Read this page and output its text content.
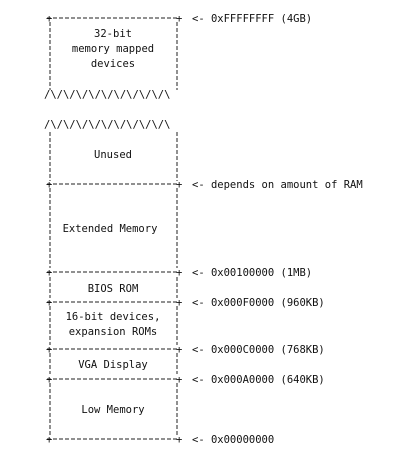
+	+
32-bit
memory mapped
devices
/\/\/\/\/\/\/\/\/\/\
/\/\/\/\/\/\/\/\/\/\
Unused
+	+
Extended Memory
+	+
BIOS ROM
+	+
16-bit devices,
expansion ROMs
+	+
VGA Display
+	+
Low Memory
+	+
<- 0xFFFFFFFF (4GB)
<- depends on amount of RAM
<- 0x00100000 (1MB)
<- 0x000F0000 (960KB)
<- 0x000C0000 (768KB)
<- 0x000A0000 (640KB)
<- 0x00000000
